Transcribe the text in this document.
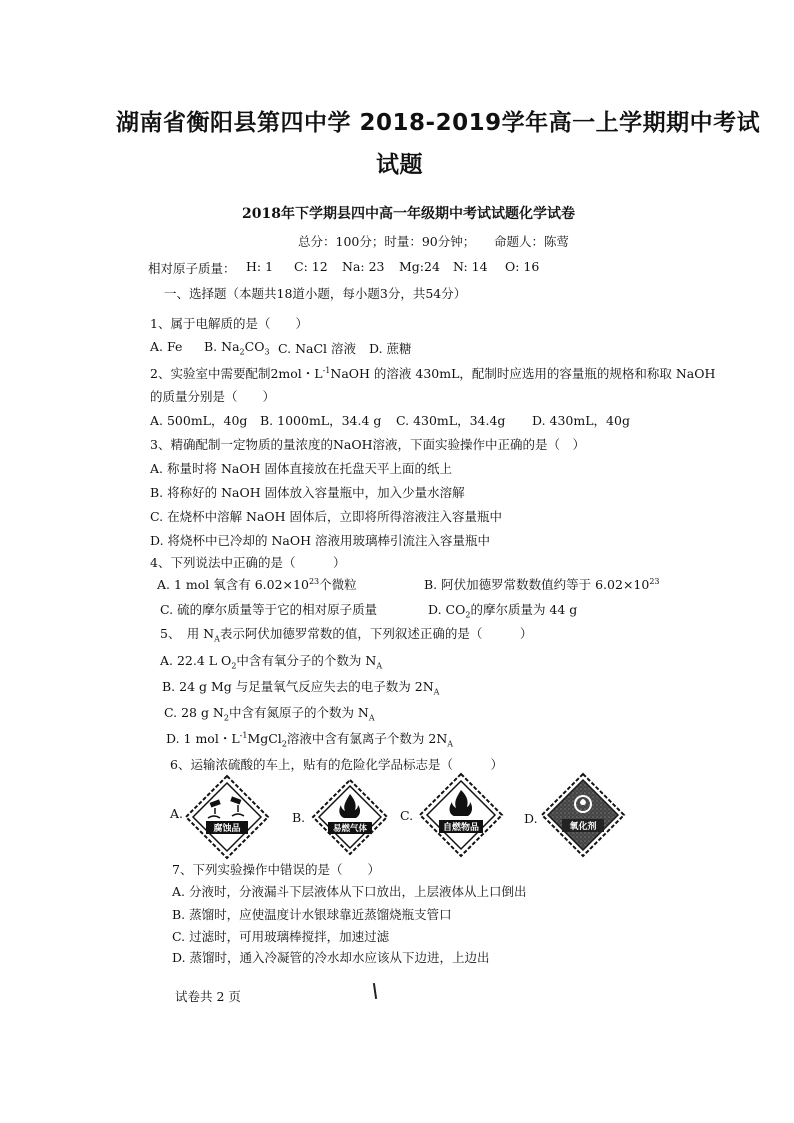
湖南省衡阳县第四中学 2018-2019学年高一上学期期中考试
试题
2018年下学期县四中高一年级期中考试试题化学试卷
总分：100分；时量：90分钟；　　命题人：陈莺
相对原子质量： H: 1 C: 12 Na: 23 Mg:24 N: 14 O: 16
一、选择题（本题共18道小题，每小题3分，共54分）
1、属于电解质的是（　　）
A. Fe B. $Na_2CO_3$ C. NaCl 溶液 D. 蔗糖
2、实验室中需要配制2mol・$L^{-1}NaOH$ 的溶液 430mL，配制时应选用的容量瓶的规格和称取 NaOH
的质量分别是（　　）
A. 500mL，40g B. 1000mL，34.4 g C. 430mL，34.4g D. 430mL，40g
3、精确配制一定物质的量浓度的NaOH溶液，下面实验操作中正确的是（　）
A. 称量时将 NaOH 固体直接放在托盘天平上面的纸上
B. 将称好的 NaOH 固体放入容量瓶中，加入少量水溶解
C. 在烧杯中溶解 NaOH 固体后，立即将所得溶液注入容量瓶中
D. 将烧杯中已冷却的 NaOH 溶液用玻璃棒引流注入容量瓶中
4、下列说法中正确的是（　　　）
A. 1 mol 氧含有 $6.02\times 10^{23}$个微粒	B. 阿伏加德罗常数数值约等于 $6.02\times 10^{23}$
C. 硫的摩尔质量等于它的相对原子质量	D. $CO_2$的摩尔质量为 44 g
5、　用 $N_A$表示阿伏加德罗常数的值，下列叙述正确的是（　　　）
A. 22.4 L $O_2$中含有氧分子的个数为 $N_A$
B. 24 g Mg 与足量氧气反应失去的电子数为 $2N_A$
C. 28 g $N_2$中含有氮原子的个数为 $N_A$
D. 1 mol・$L^{-1}MgCl_2$溶液中含有氯离子个数为 $2N_A$
6、运输浓硫酸的车上，贴有的危险化学品标志是（　　　）
A.
腐蚀品
B.
易燃气体
C.
自燃物品
D.
氧化剂
7、下列实验操作中错误的是（　　）
A. 分液时，分液漏斗下层液体从下口放出，上层液体从上口倒出
B. 蒸馏时，应使温度计水银球靠近蒸馏烧瓶支管口
C. 过滤时，可用玻璃棒搅拌，加速过滤
D. 蒸馏时，通入冷凝管的冷水却水应该从下边进，上边出
试卷共 2 页
